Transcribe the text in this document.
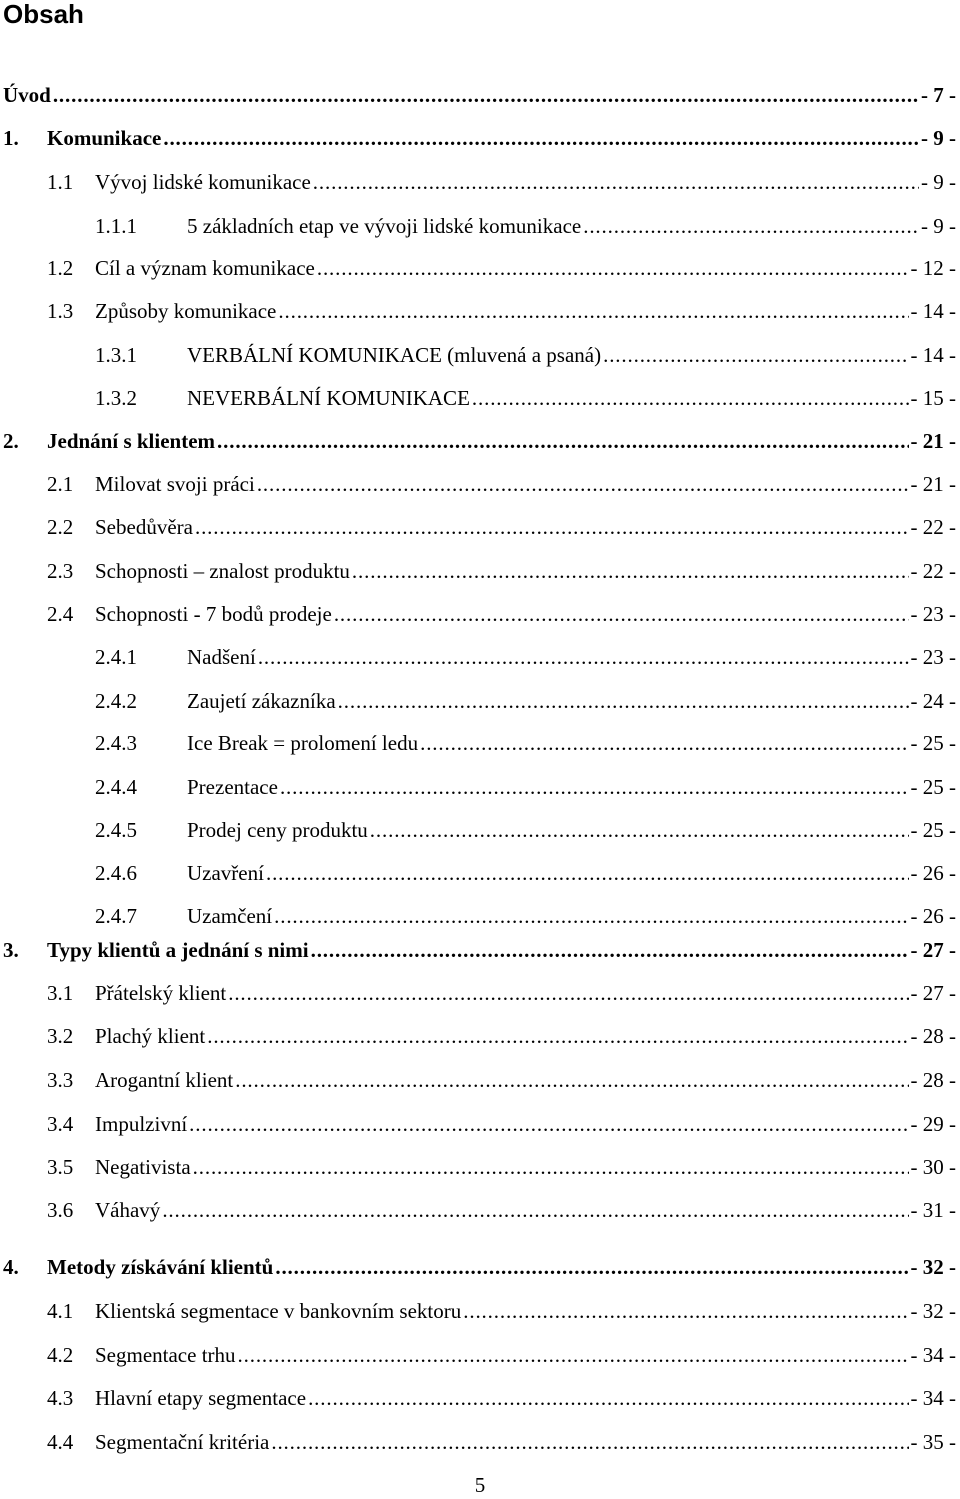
Obsah
Úvod . . .	- 7 -
1.	Komunikace . . .	- 9 -
1.1	Vývoj lidské komunikace . . .	- 9 -
1.1.1	5 základních etap ve vývoji lidské komunikace . . .	- 9 -
1.2	Cíl a význam komunikace . . .	- 12 -
1.3	Způsoby komunikace . . .	- 14 -
1.3.1	VERBÁLNÍ KOMUNIKACE (mluvená a psaná) . . .	- 14 -
1.3.2	NEVERBÁLNÍ KOMUNIKACE . . .	- 15 -
2.	Jednání s klientem . . .	- 21 -
2.1	Milovat svoji práci . . .	- 21 -
2.2	Sebedůvěra . . .	- 22 -
2.3	Schopnosti – znalost produktu . . .	- 22 -
2.4	Schopnosti - 7 bodů prodeje . . .	- 23 -
2.4.1	Nadšení . . .	- 23 -
2.4.2	Zaujetí zákazníka . . .	- 24 -
2.4.3	Ice Break = prolomení ledu . . .	- 25 -
2.4.4	Prezentace . . .	- 25 -
2.4.5	Prodej ceny produktu . . .	- 25 -
2.4.6	Uzavření . . .	- 26 -
2.4.7	Uzamčení . . .	- 26 -
3.	Typy klientů a jednání s nimi . . .	- 27 -
3.1	Přátelský klient . . .	- 27 -
3.2	Plachý klient . . .	- 28 -
3.3	Arogantní klient . . .	- 28 -
3.4	Impulzivní . . .	- 29 -
3.5	Negativista . . .	- 30 -
3.6	Váhavý . . .	- 31 -
4.	Metody získávání klientů . . .	- 32 -
4.1	Klientská segmentace v bankovním sektoru . . .	- 32 -
4.2	Segmentace trhu . . .	- 34 -
4.3	Hlavní etapy segmentace . . .	- 34 -
4.4	Segmentační kritéria . . .	- 35 -
5
